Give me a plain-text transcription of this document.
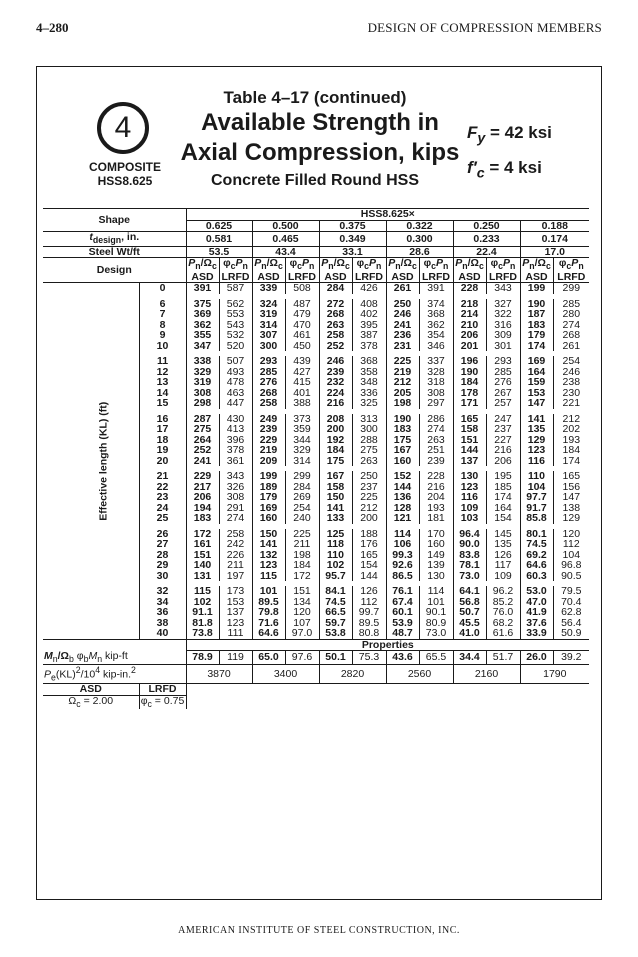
4–280	DESIGN OF COMPRESSION MEMBERS
4
COMPOSITE
HSS8.625
Table 4–17 (continued)
Available Strength in
Axial Compression, kips
Concrete Filled Round HSS
$F_y = 42$ ksi
$f'_c = 4$ ksi
Shape		HSS8.625×											
		0.625		0.500		0.375		0.322		0.250		0.188	
$t_{design}$, in.		0.581		0.465		0.349		0.300		0.233		0.174	
Steel Wt/ft		53.5		43.4		33.1		28.6		22.4		17.0	
Design		$P_n/\Omega_c$	$\varphi_cP_n$	$P_n/\Omega_c$	$\varphi_cP_n$	$P_n/\Omega_c$	$\varphi_cP_n$	$P_n/\Omega_c$	$\varphi_cP_n$	$P_n/\Omega_c$	$\varphi_cP_n$	$P_n/\Omega_c$	$\varphi_cP_n$
		ASD	LRFD	ASD	LRFD	ASD	LRFD	ASD	LRFD	ASD	LRFD	ASD	LRFD
Effective length (KL) (ft)	0	391	587	339	508	284	426	261	391	228	343	199	299

	6	375	562	324	487	272	408	250	374	218	327	190	285
	7	369	553	319	479	268	402	246	368	214	322	187	280
	8	362	543	314	470	263	395	241	362	210	316	183	274
	9	355	532	307	461	258	387	236	354	206	309	179	268
	10	347	520	300	450	252	378	231	346	201	301	174	261

	11	338	507	293	439	246	368	225	337	196	293	169	254
	12	329	493	285	427	239	358	219	328	190	285	164	246
	13	319	478	276	415	232	348	212	318	184	276	159	238
	14	308	463	268	401	224	336	205	308	178	267	153	230
	15	298	447	258	388	216	325	198	297	171	257	147	221

	16	287	430	249	373	208	313	190	286	165	247	141	212
	17	275	413	239	359	200	300	183	274	158	237	135	202
	18	264	396	229	344	192	288	175	263	151	227	129	193
	19	252	378	219	329	184	275	167	251	144	216	123	184
	20	241	361	209	314	175	263	160	239	137	206	116	174

	21	229	343	199	299	167	250	152	228	130	195	110	165
	22	217	326	189	284	158	237	144	216	123	185	104	156
	23	206	308	179	269	150	225	136	204	116	174	97.7	147
	24	194	291	169	254	141	212	128	193	109	164	91.7	138
	25	183	274	160	240	133	200	121	181	103	154	85.8	129

	26	172	258	150	225	125	188	114	170	96.4	145	80.1	120
	27	161	242	141	211	118	176	106	160	90.0	135	74.5	112
	28	151	226	132	198	110	165	99.3	149	83.8	126	69.2	104
	29	140	211	123	184	102	154	92.6	139	78.1	117	64.6	96.8
	30	131	197	115	172	95.7	144	86.5	130	73.0	109	60.3	90.5

	32	115	173	101	151	84.1	126	76.1	114	64.1	96.2	53.0	79.5
	34	102	153	89.5	134	74.5	112	67.4	101	56.8	85.2	47.0	70.4
	36	91.1	137	79.8	120	66.5	99.7	60.1	90.1	50.7	76.0	41.9	62.8
	38	81.8	123	71.6	107	59.7	89.5	53.9	80.9	45.5	68.2	37.6	56.4
	40	73.8	111	64.6	97.0	53.8	80.8	48.7	73.0	41.0	61.6	33.9	50.9
		Properties											
$M_n/\Omega_b$ $\varphi_bM_n$ kip-ft		78.9	119	65.0	97.6	50.1	75.3	43.6	65.5	34.4	51.7	26.0	39.2
$P_e(KL)^2/10^4$ kip-in.$^2$		3870		3400		2820		2560		2160		1790	
ASD	LRFD												
$\Omega_c = 2.00$	$\varphi_c = 0.75$												
AMERICAN INSTITUTE OF STEEL CONSTRUCTION, INC.
